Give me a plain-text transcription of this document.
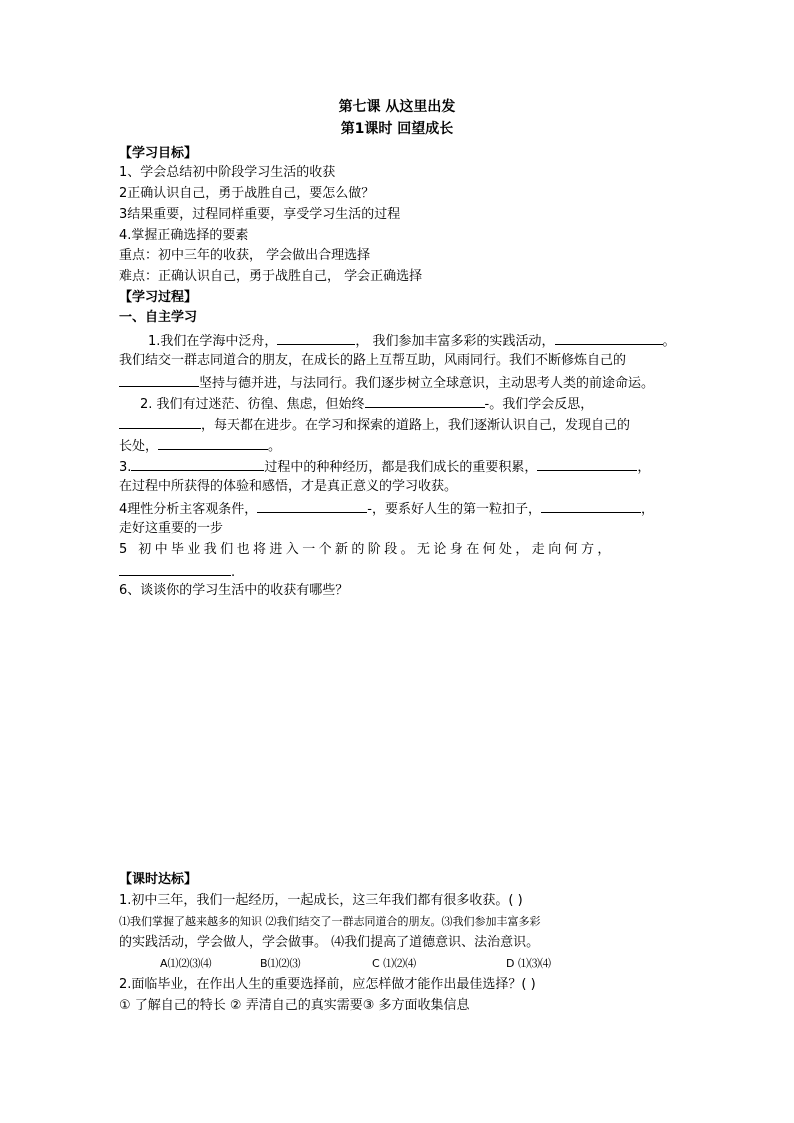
第七课 从这里出发
第1课时 回望成长
【学习目标】
1、学会总结初中阶段学习生活的收获
2正确认识自己，勇于战胜自己，要怎么做？
3结果重要，过程同样重要，享受学习生活的过程
4.掌握正确选择的要素
重点：初中三年的收获， 学会做出合理选择
难点：正确认识自己，勇于战胜自己， 学会正确选择
【学习过程】
一、自主学习
1.我们在学海中泛舟，	， 我们参加丰富多彩的实践活动，	。
我们结交一群志同道合的朋友，在成长的路上互帮互助，风雨同行。我们不断修炼自己的
坚持与德并进，与法同行。我们逐步树立全球意识，主动思考人类的前途命运。
2. 我们有过迷茫、彷徨、焦虑，但始终	-。我们学会反思，
，每天都在进步。在学习和探索的道路上，我们逐渐认识自己，发现自己的
长处，	。
3.	过程中的种种经历，都是我们成长的重要积累，	，
在过程中所获得的体验和感悟，才是真正意义的学习收获。
4理性分析主客观条件，	-，要系好人生的第一粒扣子，	，
走好这重要的一步
5 初中毕业我们也将进入一个新的阶段。无论身在何处，走向何方，
.
6、谈谈你的学习生活中的收获有哪些？
【课时达标】
1.初中三年，我们一起经历，一起成长，这三年我们都有很多收获。( )
⑴我们掌握了越来越多的知识 ⑵我们结交了一群志同道合的朋友。⑶我们参加丰富多彩
的实践活动，学会做人，学会做事。 ⑷我们提高了道德意识、法治意识。
A⑴⑵⑶⑷	B⑴⑵⑶	C ⑴⑵⑷	D ⑴⑶⑷
2.面临毕业，在作出人生的重要选择前，应怎样做才能作出最佳选择？( )
① 了解自己的特长 ② 弄清自己的真实需要③ 多方面收集信息
